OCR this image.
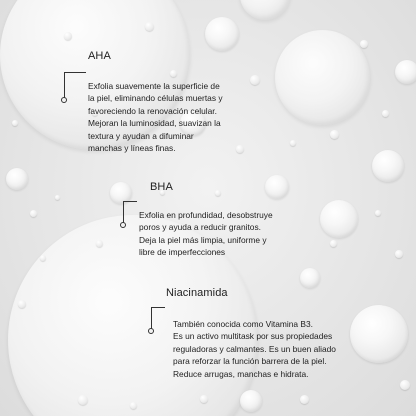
AHA
Exfolia suavemente la superficie de
la piel, eliminando células muertas y
favoreciendo la renovación celular.
Mejoran la luminosidad, suavizan la
textura y ayudan a difuminar
manchas y líneas finas.
BHA
Exfolia en profundidad, desobstruye
poros y ayuda a reducir granitos.
Deja la piel más limpia, uniforme y
libre de imperfecciones
Niacinamida
También conocida como Vitamina B3.
Es un activo multitask por sus propiedades
reguladoras y calmantes. Es un buen aliado
para reforzar la función barrera de la piel.
Reduce arrugas, manchas e hidrata.
